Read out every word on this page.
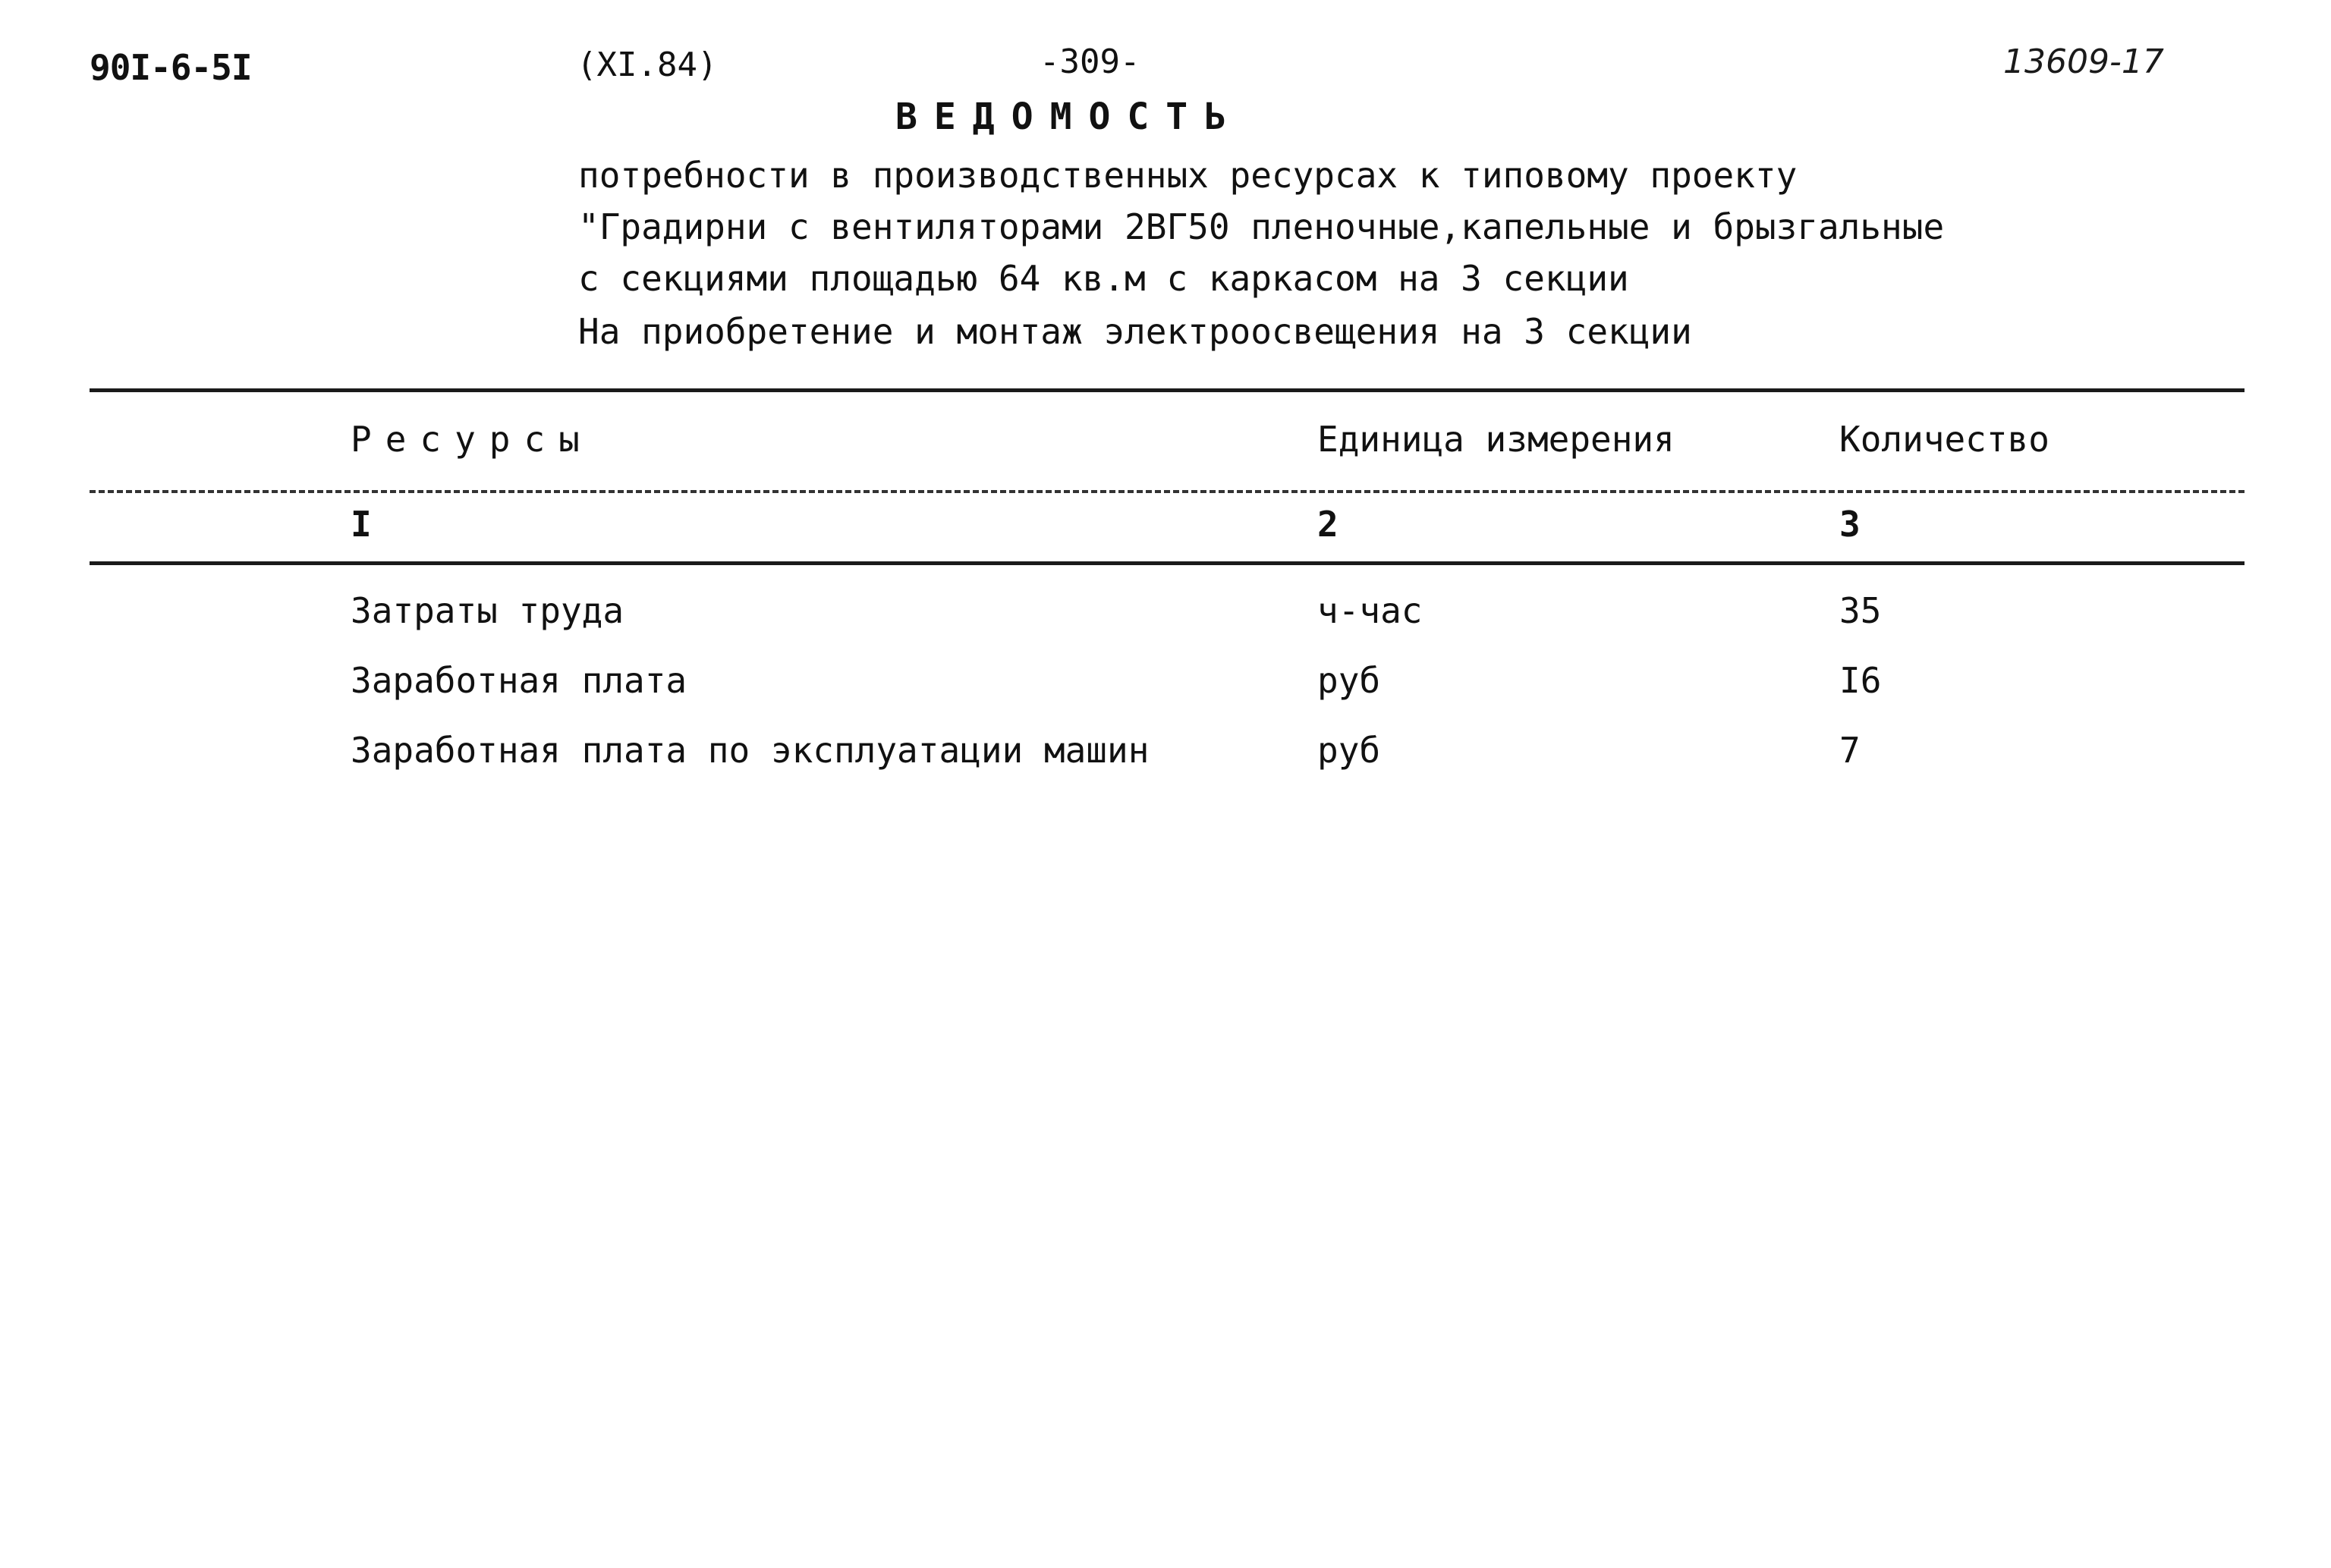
90I-6-5I	(XI.84)	-309-	13609-17
ВЕДОМОСТЬ
потребности в производственных ресурсах к типовому проекту
"Градирни с вентиляторами 2ВГ50 пленочные,капельные и брызгальные
с секциями площадью 64 кв.м с каркасом на 3 секции
На приобретение и монтаж электроосвещения на 3 секции
Ресурсы	Единица измерения	Количество
I	2	3
Затраты труда	ч-час	35
Заработная плата	руб	I6
Заработная плата по эксплуатации машин	руб	7
